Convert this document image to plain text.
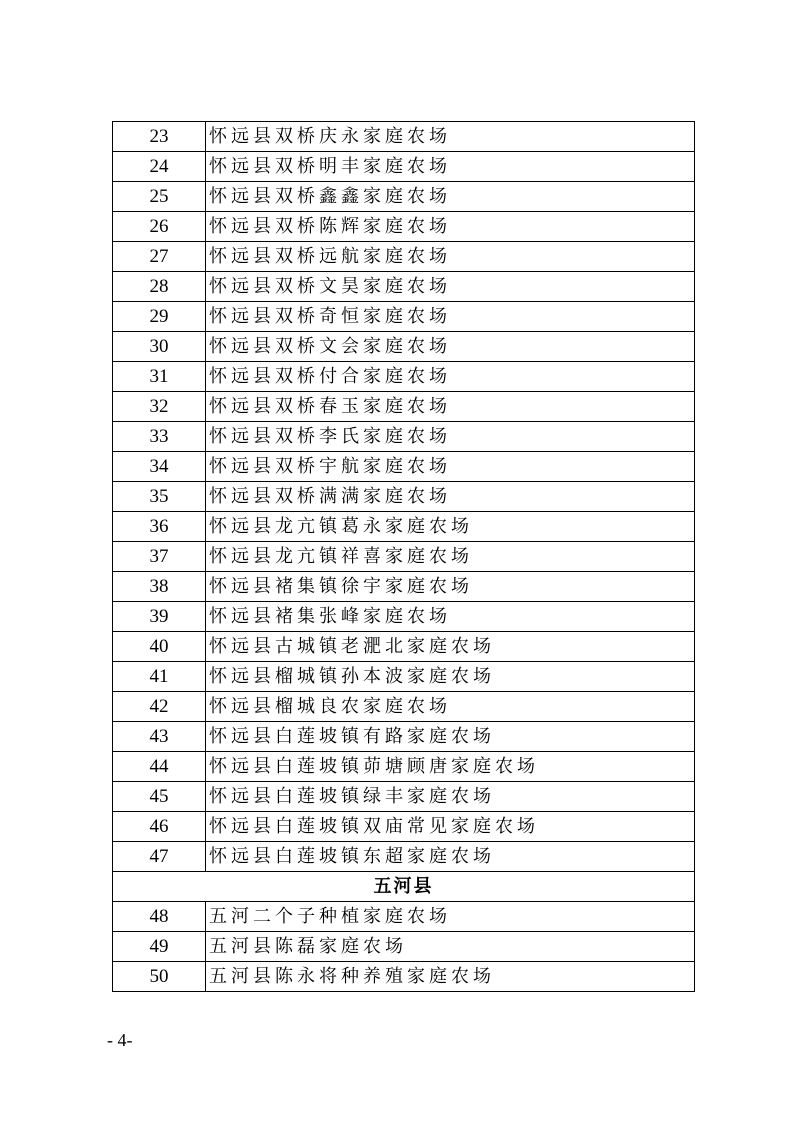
23	怀远县双桥庆永家庭农场
24	怀远县双桥明丰家庭农场
25	怀远县双桥鑫鑫家庭农场
26	怀远县双桥陈辉家庭农场
27	怀远县双桥远航家庭农场
28	怀远县双桥文昊家庭农场
29	怀远县双桥奇恒家庭农场
30	怀远县双桥文会家庭农场
31	怀远县双桥付合家庭农场
32	怀远县双桥春玉家庭农场
33	怀远县双桥李氏家庭农场
34	怀远县双桥宇航家庭农场
35	怀远县双桥满满家庭农场
36	怀远县龙亢镇葛永家庭农场
37	怀远县龙亢镇祥喜家庭农场
38	怀远县褚集镇徐宇家庭农场
39	怀远县褚集张峰家庭农场
40	怀远县古城镇老淝北家庭农场
41	怀远县榴城镇孙本波家庭农场
42	怀远县榴城良农家庭农场
43	怀远县白莲坡镇有路家庭农场
44	怀远县白莲坡镇茆塘顾唐家庭农场
45	怀远县白莲坡镇绿丰家庭农场
46	怀远县白莲坡镇双庙常见家庭农场
47	怀远县白莲坡镇东超家庭农场
五河县	
48	五河二个子种植家庭农场
49	五河县陈磊家庭农场
50	五河县陈永将种养殖家庭农场
- 4-
